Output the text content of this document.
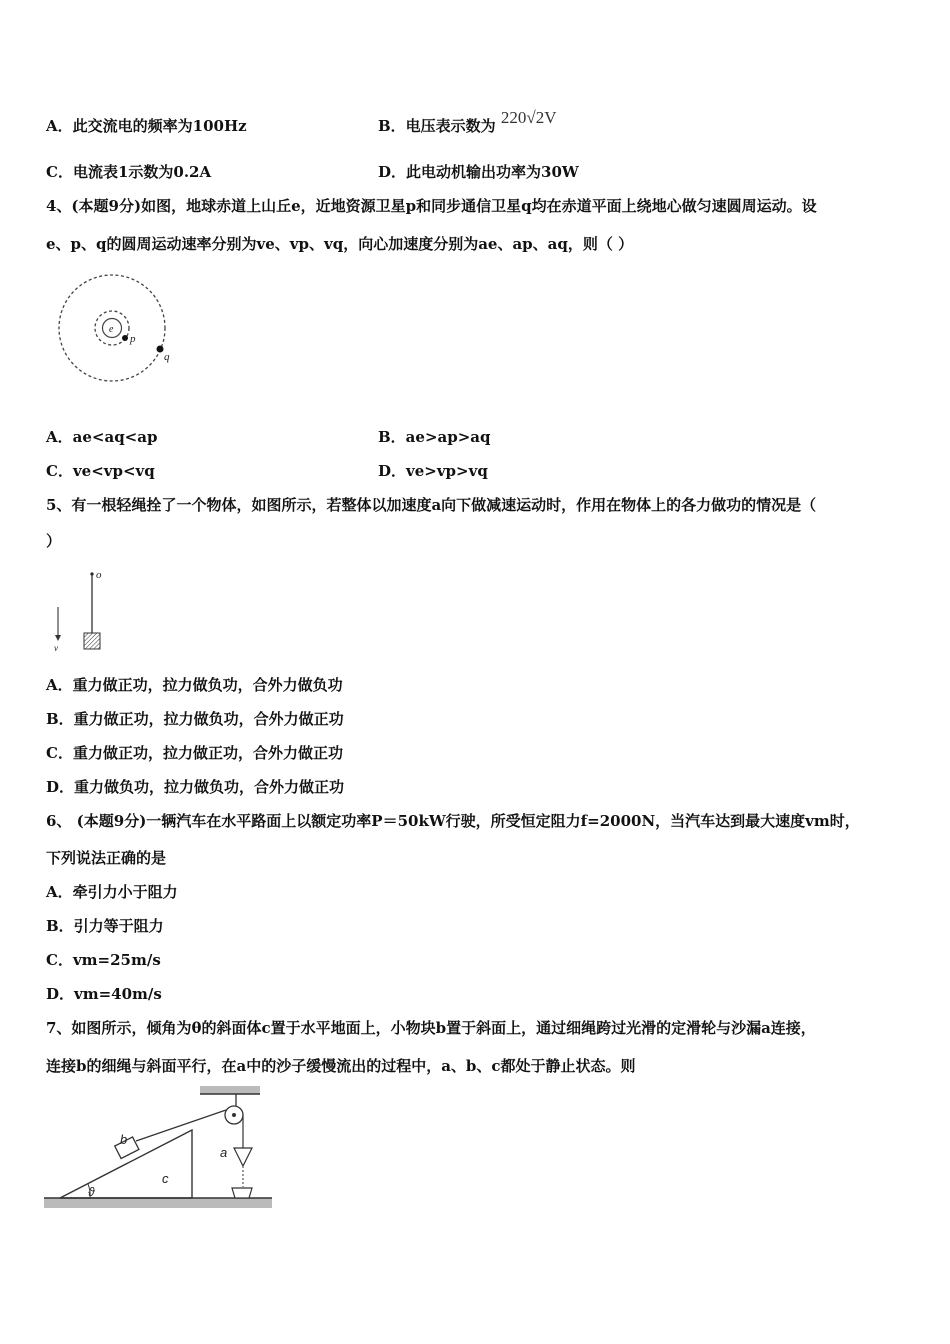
A．此交流电的频率为100Hz	B．电压表示数为 220√2V
C．电流表1示数为0.2A	D．此电动机输出功率为30W
4、(本题9分)如图，地球赤道上山丘e，近地资源卫星p和同步通信卫星q均在赤道平面上绕地心做匀速圆周运动。设
e、p、q的圆周运动速率分别为ve、vp、vq，向心加速度分别为ae、ap、aq，则（ ）
e
p
q
A．ae<aq<ap	B．ae>ap>aq
C．ve<vp<vq	D．ve>vp>vq
5、有一根轻绳拴了一个物体，如图所示，若整体以加速度a向下做减速运动时，作用在物体上的各力做功的情况是（
）
o
v
A．重力做正功，拉力做负功，合外力做负功
B．重力做正功，拉力做负功，合外力做正功
C．重力做正功，拉力做正功，合外力做正功
D．重力做负功，拉力做负功，合外力做正功
6、 (本题9分)一辆汽车在水平路面上以额定功率P＝50kW行驶，所受恒定阻力f=2000N，当汽车达到最大速度vm时，
下列说法正确的是
A．牵引力小于阻力
B．引力等于阻力
C．vm=25m/s
D．vm=40m/s
7、如图所示，倾角为θ的斜面体c置于水平地面上，小物块b置于斜面上，通过细绳跨过光滑的定滑轮与沙漏a连接，
连接b的细绳与斜面平行，在a中的沙子缓慢流出的过程中，a、b、c都处于静止状态。则
b
c
a
ϑ
